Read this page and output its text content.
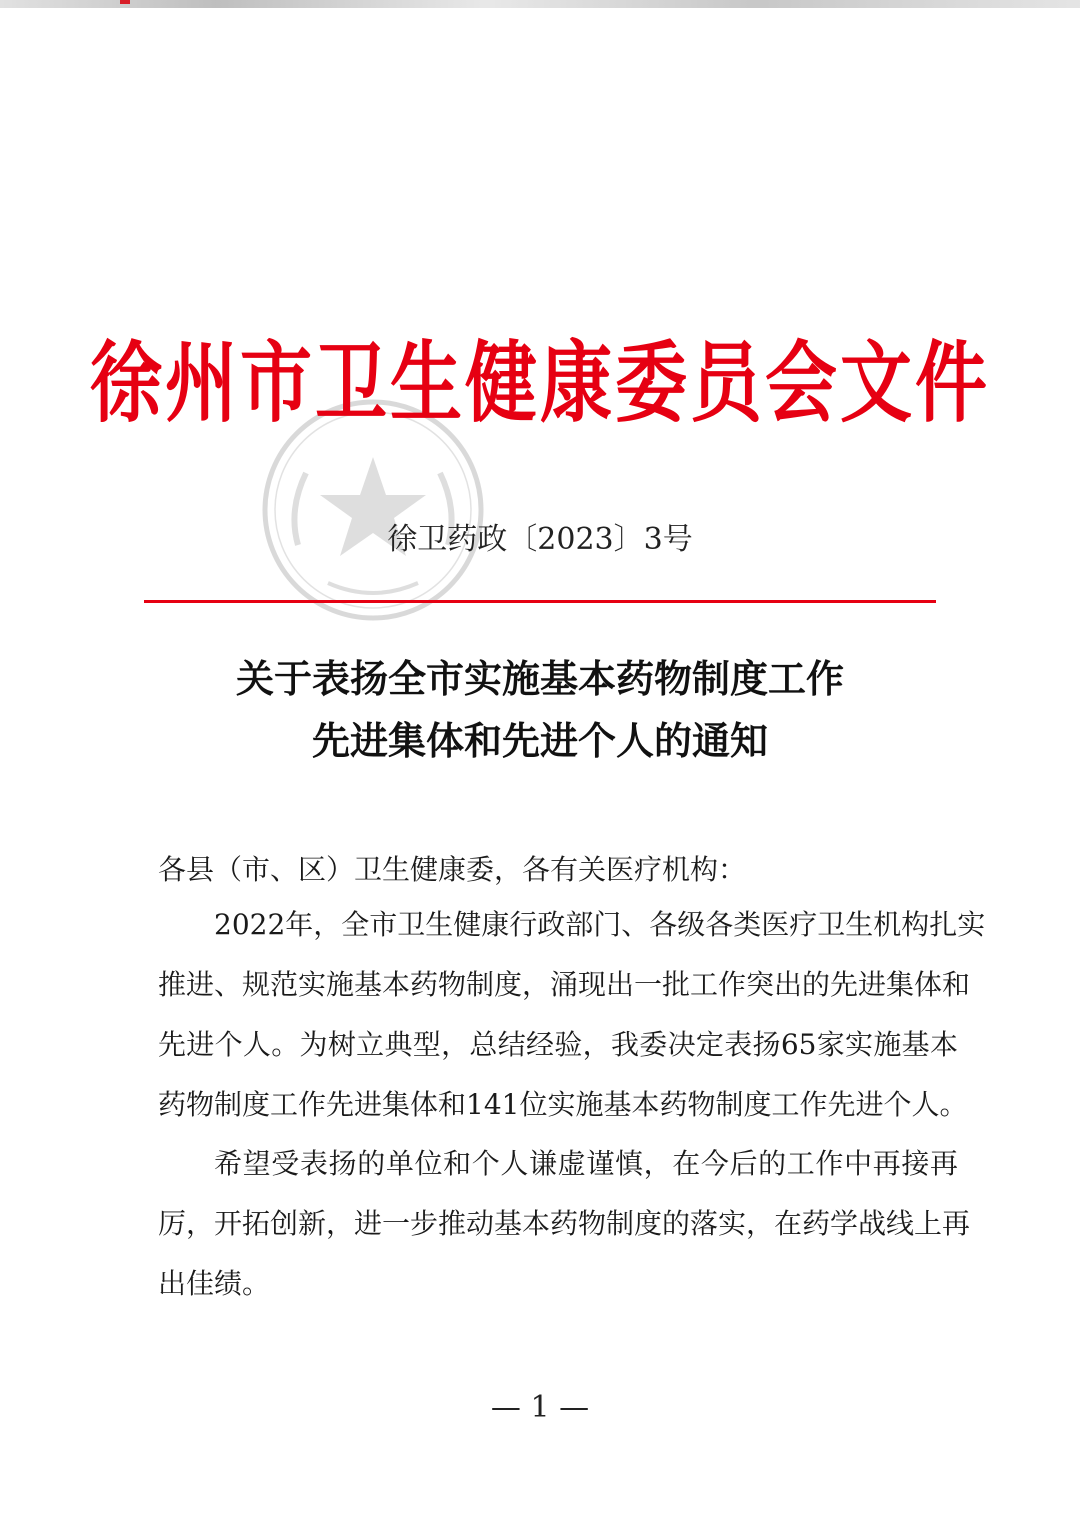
徐州市卫生健康委员会文件
徐卫药政〔2023〕3号
关于表扬全市实施基本药物制度工作
先进集体和先进个人的通知
各县（市、区）卫生健康委，各有关医疗机构：
2022年，全市卫生健康行政部门、各级各类医疗卫生机构扎实
推进、规范实施基本药物制度，涌现出一批工作突出的先进集体和
先进个人。为树立典型，总结经验，我委决定表扬65家实施基本
药物制度工作先进集体和141位实施基本药物制度工作先进个人。
希望受表扬的单位和个人谦虚谨慎，在今后的工作中再接再
厉，开拓创新，进一步推动基本药物制度的落实，在药学战线上再
出佳绩。
— 1 —
